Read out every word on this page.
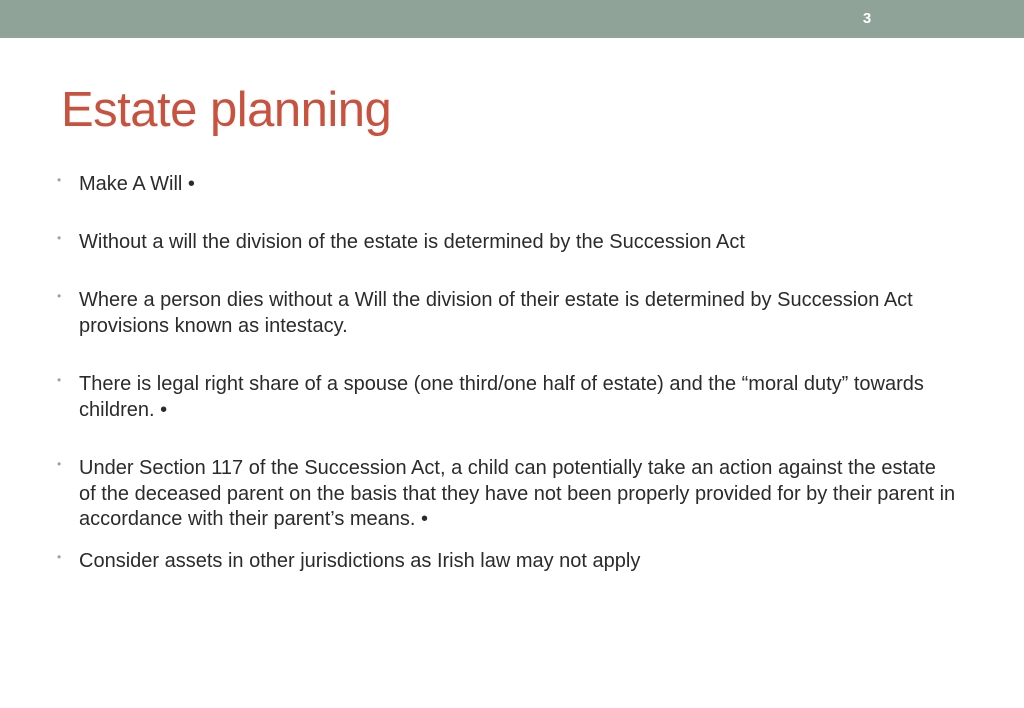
3
Estate planning
• Make A Will •
• Without a will the division of the estate is determined by the Succession Act
• Where a person dies without a Will the division of their estate is determined by Succession Act provisions known as intestacy.
• There is legal right share of a spouse (one third/one half of estate) and the “moral duty” towards children. •
• Under Section 117 of the Succession Act, a child can potentially take an action against the estate of the deceased parent on the basis that they have not been properly provided for by their parent in accordance with their parent’s means. •
• Consider assets in other jurisdictions as Irish law may not apply
